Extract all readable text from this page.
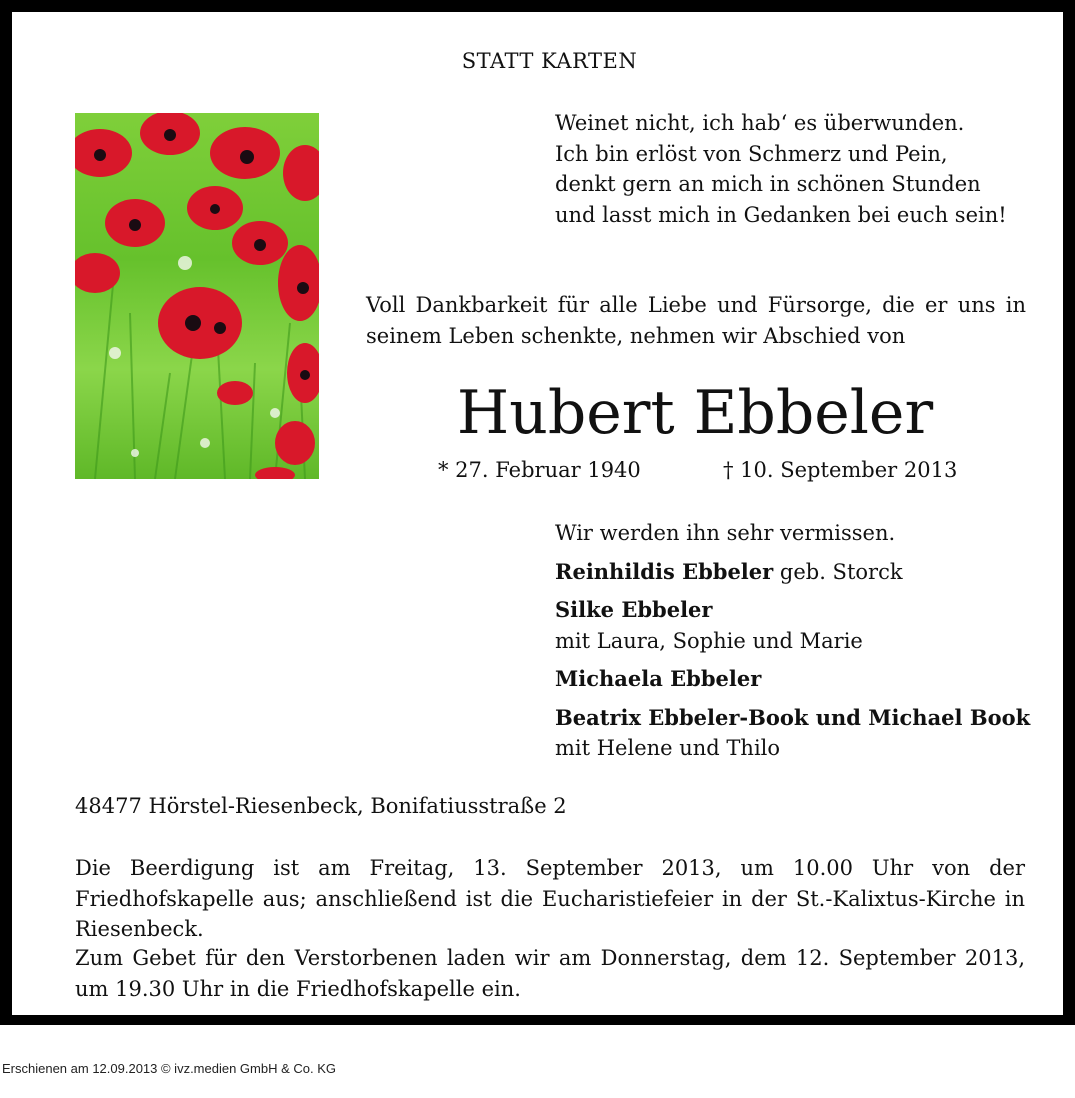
STATT KARTEN
Weinet nicht, ich hab‘ es überwunden.
Ich bin erlöst von Schmerz und Pein,
denkt gern an mich in schönen Stunden
und lasst mich in Gedanken bei euch sein!
Voll Dankbarkeit für alle Liebe und Fürsorge, die er uns in seinem Leben schenkte, nehmen wir Abschied von
Hubert Ebbeler
* 27. Februar 1940	† 10. September 2013
Wir werden ihn sehr vermissen.
Reinhildis Ebbeler geb. Storck
Silke Ebbeler
mit Laura, Sophie und Marie
Michaela Ebbeler
Beatrix Ebbeler-Book und Michael Book
mit Helene und Thilo
48477 Hörstel-Riesenbeck, Bonifatiusstraße 2
Die Beerdigung ist am Freitag, 13. September 2013, um 10.00 Uhr von der Friedhofskapelle aus; anschließend ist die Eucharistiefeier in der St.-Kalixtus-Kirche in Riesenbeck.
Zum Gebet für den Verstorbenen laden wir am Donnerstag, dem 12. September 2013, um 19.30 Uhr in die Friedhofskapelle ein.
Erschienen am 12.09.2013 © ivz.medien GmbH & Co. KG
